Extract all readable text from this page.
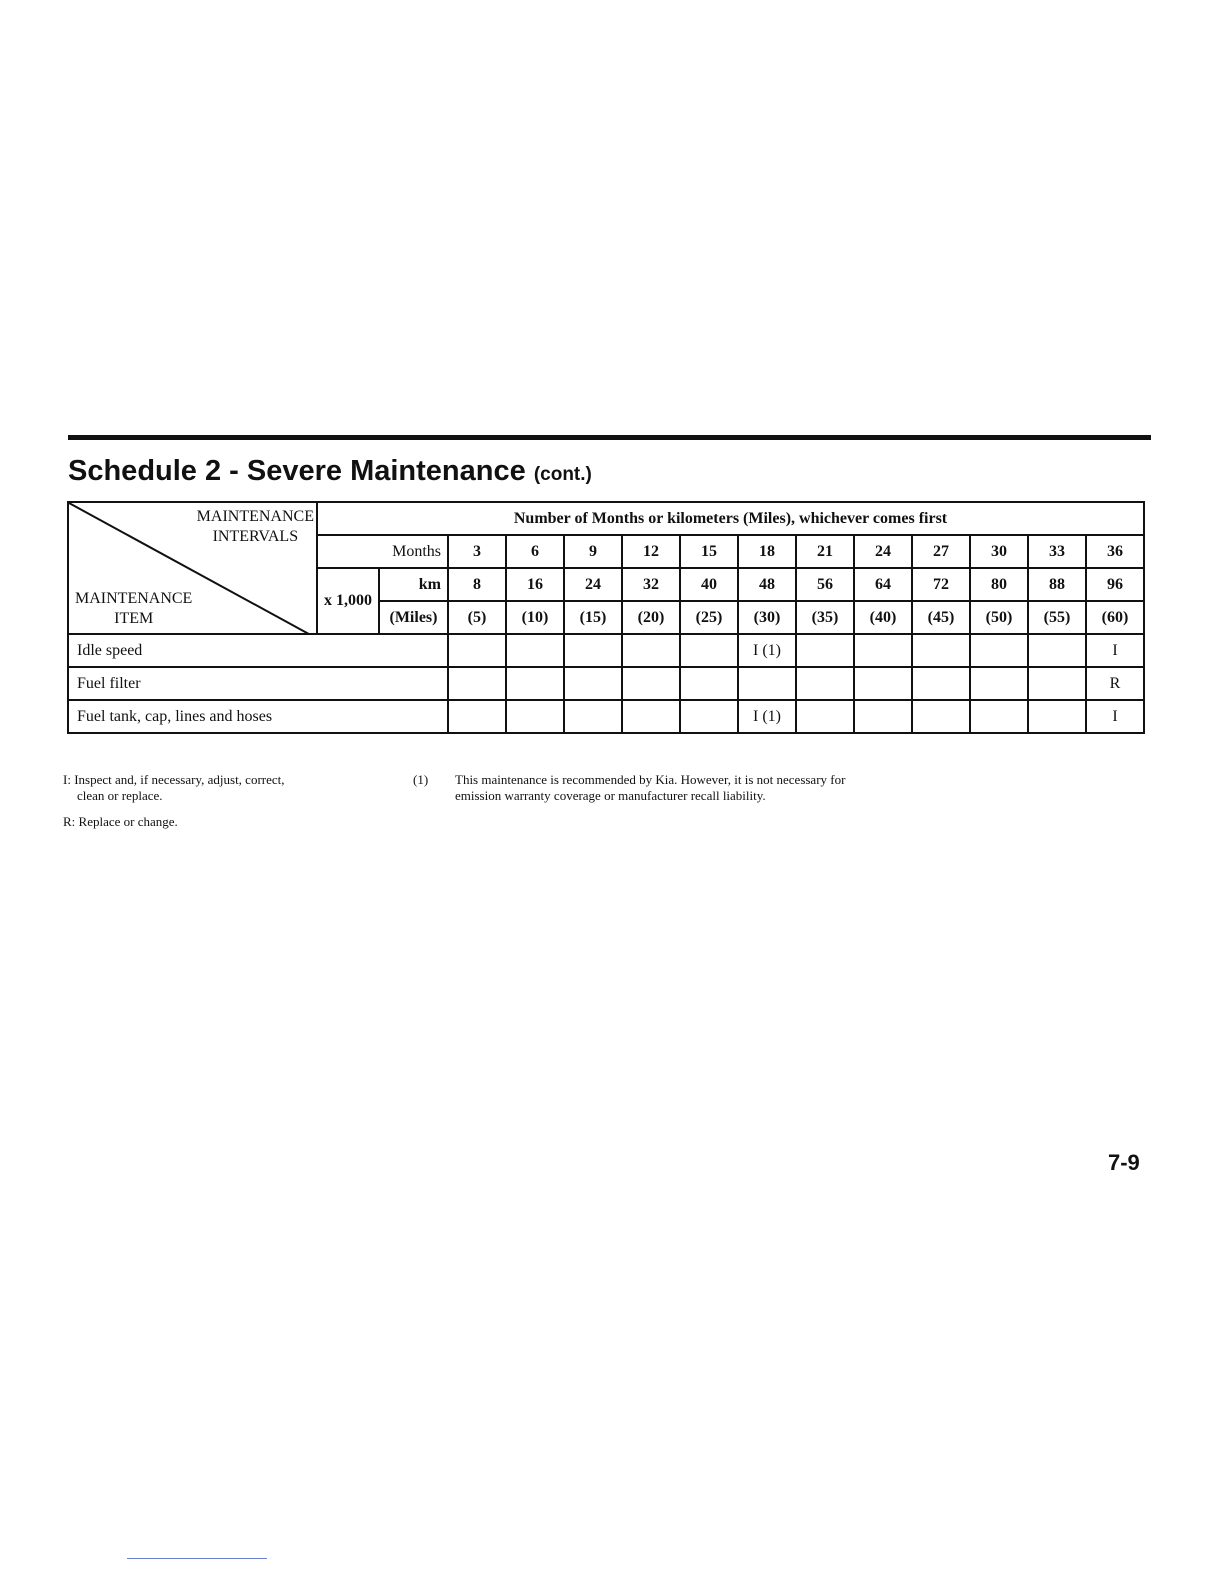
Schedule 2 - Severe Maintenance (cont.)
MAINTENANCE
INTERVALS
MAINTENANCE
ITEM	Number of Months or kilometers (Miles), whichever comes first													
	Months		3	6	9	12	15	18	21	24	27	30	33	36
	x 1,000	km	8	16	24	32	40	48	56	64	72	80	88	96
		(Miles)	(5)	(10)	(15)	(20)	(25)	(30)	(35)	(40)	(45)	(50)	(55)	(60)
Idle speed								I (1)						I
Fuel filter														R
Fuel tank, cap, lines and hoses								I (1)						I

I: Inspect and, if necessary, adjust, correct,
clean or replace.

R: Replace or change.

(1) This maintenance is recommended by Kia. However, it is not necessary for
emission warranty coverage or manufacturer recall liability.
7-9
